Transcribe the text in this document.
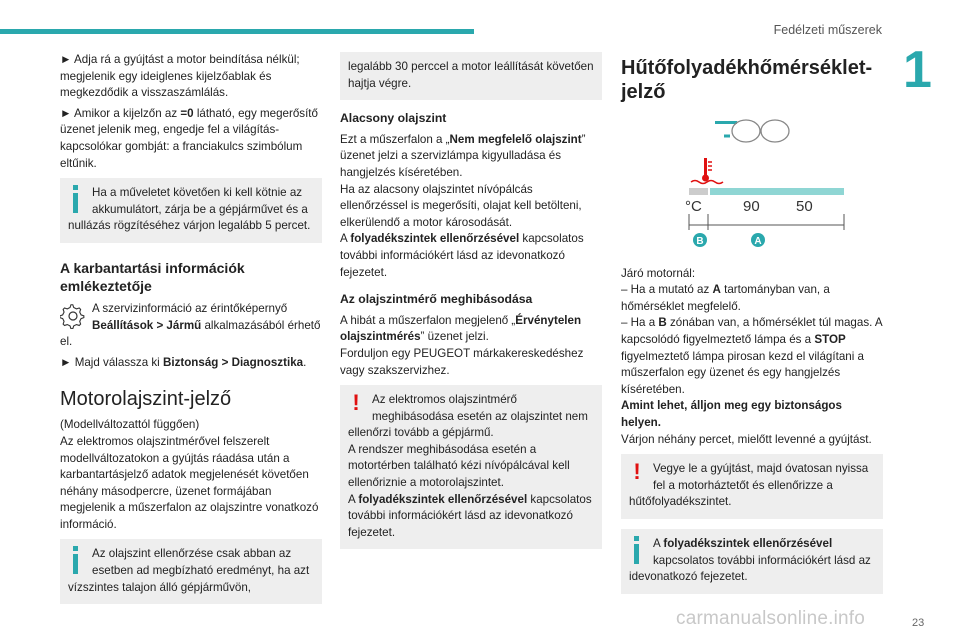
Fedélzeti műszerek
1

► Adja rá a gyújtást a motor beindítása nélkül; megjelenik egy ideiglenes kijelzőablak és megkezdődik a visszaszámlálás.

► Amikor a kijelzőn az =0 látható, egy megerősítő üzenet jelenik meg, engedje fel a világítás-kapcsolókar gombját: a franciakulcs szimbólum eltűnik.

Ha a műveletet követően ki kell kötnie az akkumulátort, zárja be a gépjárművet és a nullázás rögzítéséhez várjon legalább 5 percet.
A karbantartási információk emlékeztetője

A szervizinformáció az érintőképernyő Beállítások > Jármű alkalmazásából érhető el.

► Majd válassza ki Biztonság > Diagnosztika.

Motorolajszint-jelző

(Modellváltozattól függően)

Az elektromos olajszintmérővel felszerelt modellváltozatokon a gyújtás ráadása után a karbantartásjelző adatok megjelenését követően néhány másodpercre, üzenet formájában megjelenik a műszerfalon az olajszintre vonatkozó információ.

Az olajszint ellenőrzése csak abban az esetben ad megbízható eredményt, ha azt vízszintes talajon álló gépjárművön,
legalább 30 perccel a motor leállítását követően hajtja végre.
Alacsony olajszint

Ezt a műszerfalon a „Nem megfelelő olajszint” üzenet jelzi a szervizlámpa kigyulladása és hangjelzés kíséretében.

Ha az alacsony olajszintet nívópálcás ellenőrzéssel is megerősíti, olajat kell betölteni, elkerülendő a motor károsodását.

A folyadékszintek ellenőrzésével kapcsolatos további információkért lásd az idevonatkozó fejezetet.

Az olajszintmérő meghibásodása

A hibát a műszerfalon megjelenő „Érvénytelen olajszintmérés” üzenet jelzi.

Forduljon egy PEUGEOT márkakereskedéshez vagy szakszervizhez.

!	Az elektromos olajszintmérő meghibásodása esetén az olajszintet nem ellenőrzi tovább a gépjármű.
A rendszer meghibásodása esetén a motortérben található kézi nívópálcával kell ellenőriznie a motorolajszintet.
A folyadékszintek ellenőrzésével kapcsolatos további információkért lásd az idevonatkozó fejezetet.
Hűtőfolyadékhőmérséklet-jelző
°C	90 50
B	A

Járó motornál:

– Ha a mutató az A tartományban van, a hőmérséklet megfelelő.

– Ha a B zónában van, a hőmérséklet túl magas. A kapcsolódó figyelmeztető lámpa és a STOP figyelmeztető lámpa pirosan kezd el világítani a műszerfalon egy üzenet és egy hangjelzés kíséretében.

Amint lehet, álljon meg egy biztonságos helyen.

Várjon néhány percet, mielőtt levenné a gyújtást.

!	Vegye le a gyújtást, majd óvatosan nyissa fel a motorháztetőt és ellenőrizze a hűtőfolyadékszintet.
A folyadékszintek ellenőrzésével kapcsolatos további információkért lásd az idevonatkozó fejezetet.
carmanualsonline.info	23
